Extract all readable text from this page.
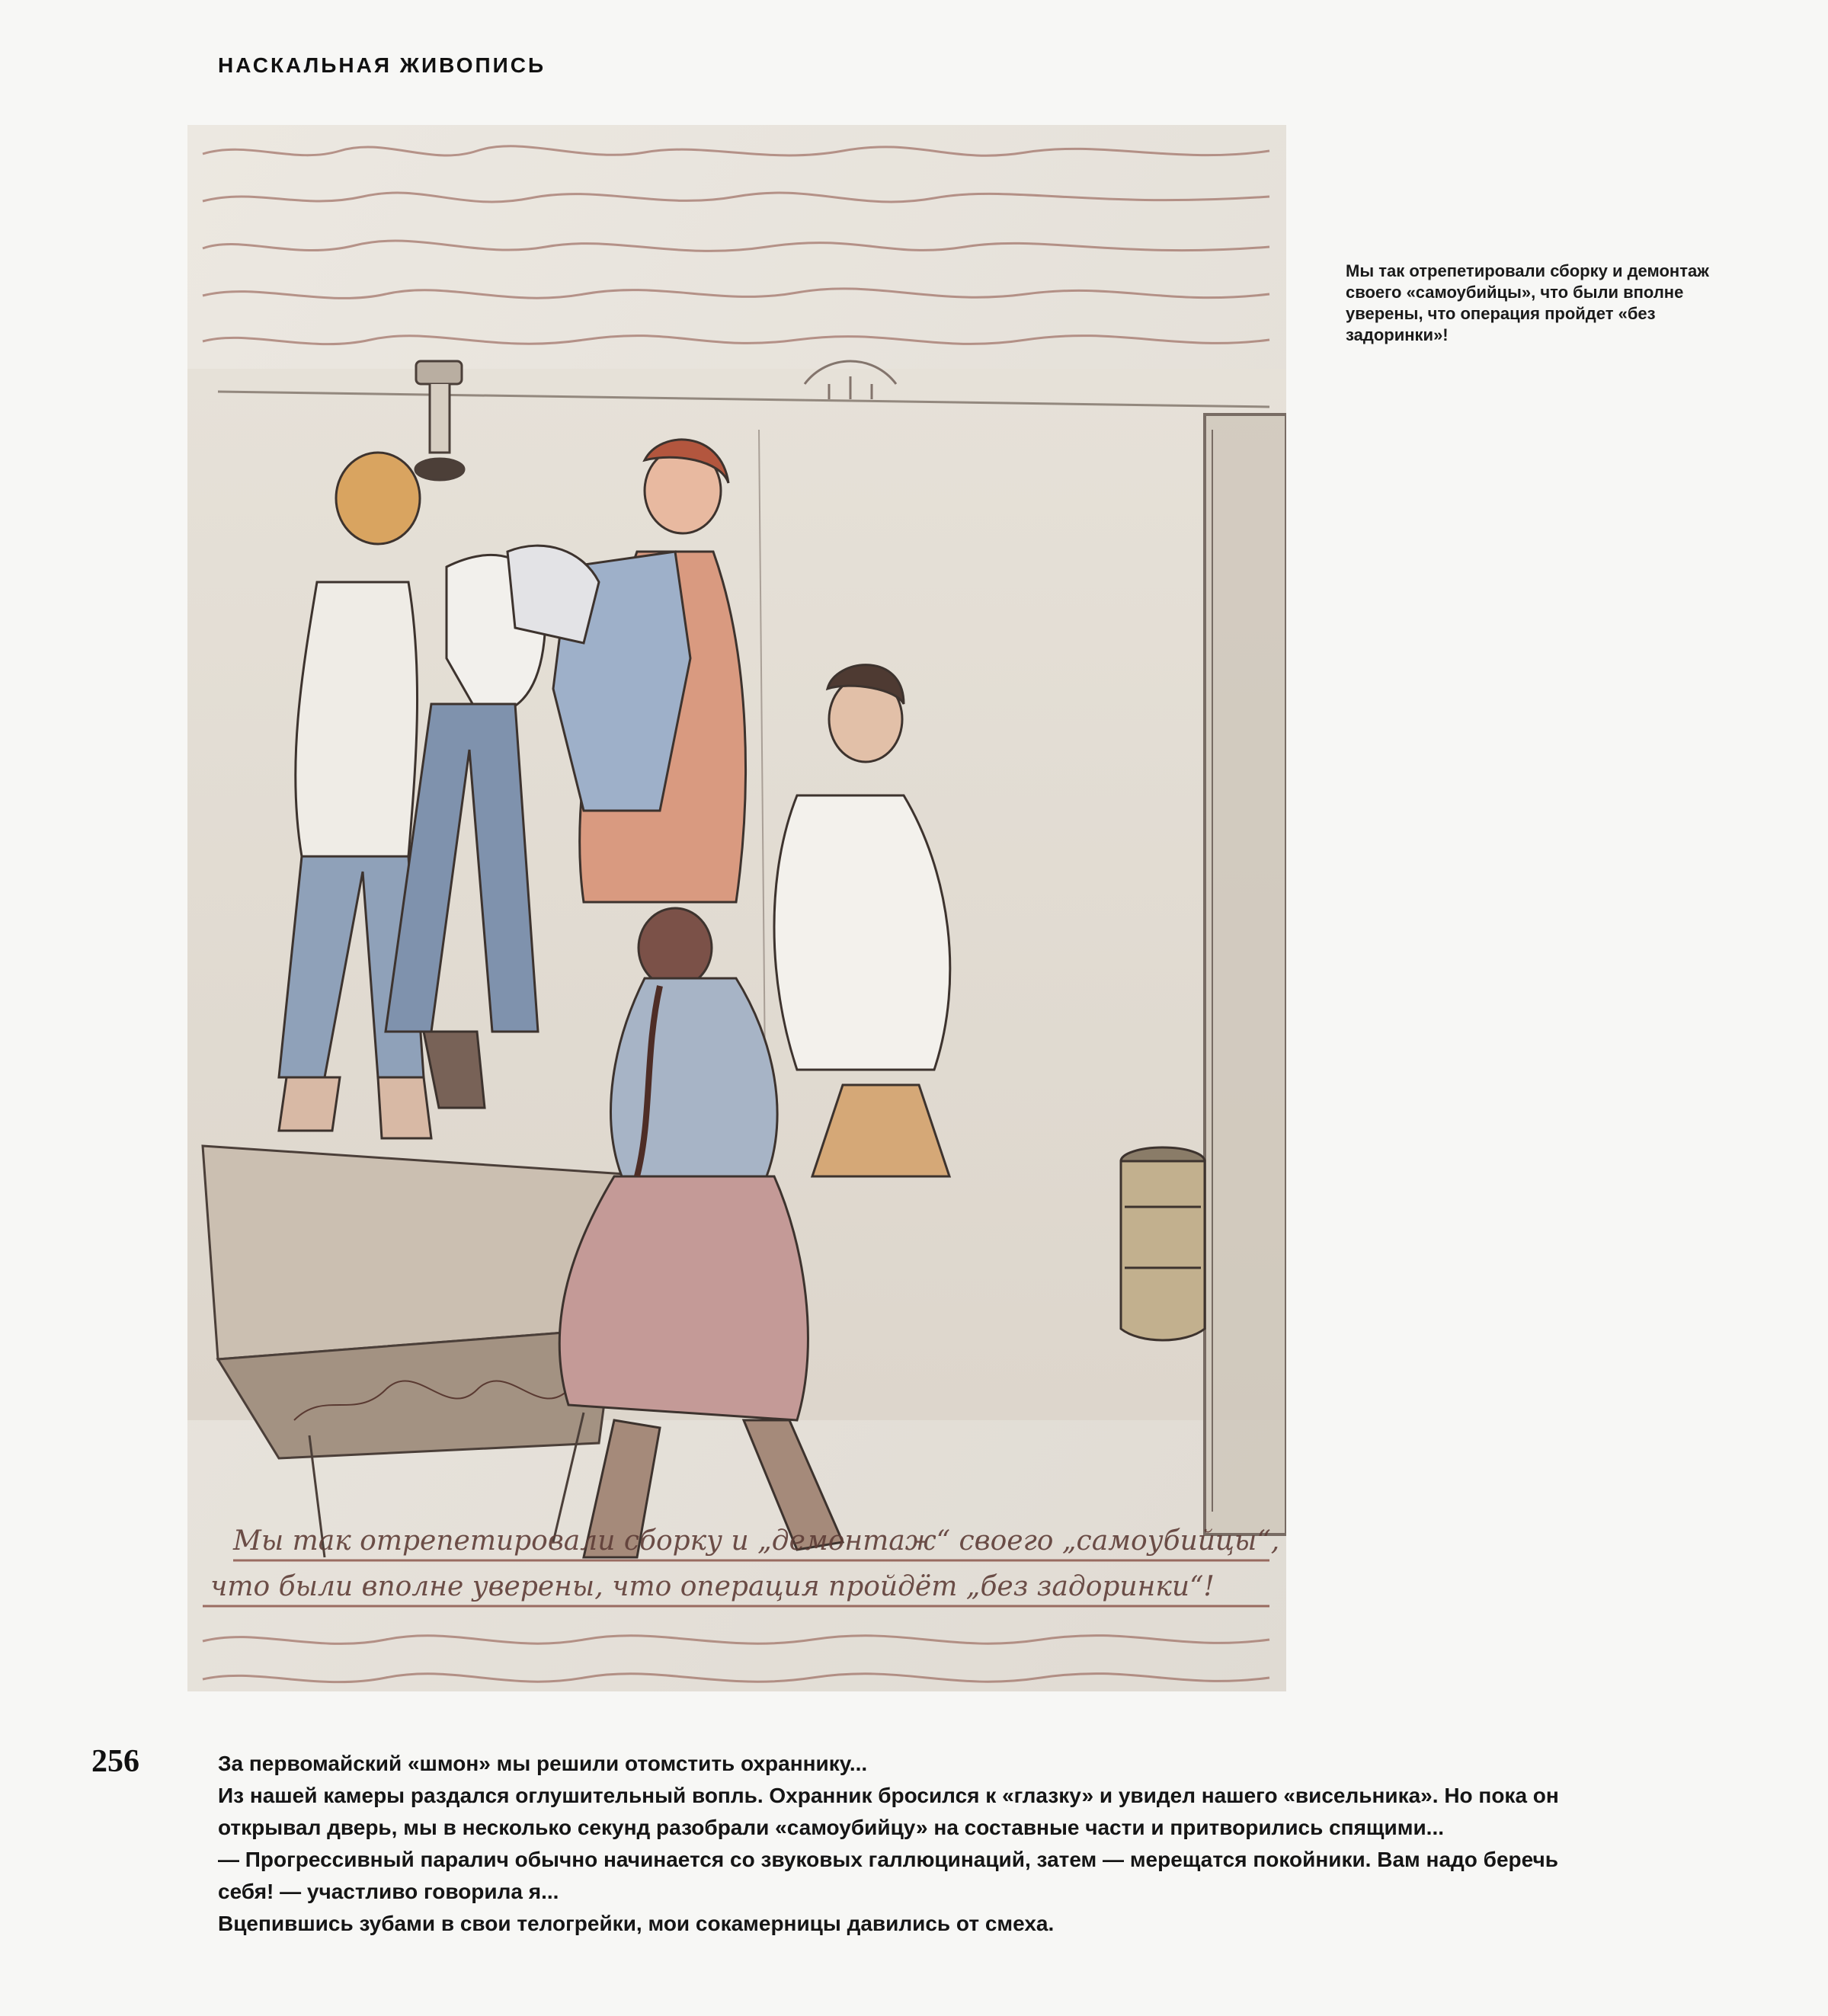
НАСКАЛЬНАЯ ЖИВОПИСЬ
Мы так отрепетировали сборку и „демонтаж“ своего „самоубийцы“,
что были вполне уверены, что операция пройдёт „без задоринки“!
Мы так отрепетировали сборку и демонтаж своего «самоубийцы», что были вполне уверены, что операция пройдет «без задоринки»!
256	За первомайский «шмон» мы решили отомстить охраннику...

Из нашей камеры раздался оглушительный вопль. Охранник бросился к «глазку» и увидел нашего «висельника». Но пока он открывал дверь, мы в несколько секунд разобрали «самоубийцу» на составные части и притворились спящими...

— Прогрессивный паралич обычно начинается со звуковых галлюцинаций, затем — мерещатся покойники. Вам надо беречь себя! — участливо говорила я...

Вцепившись зубами в свои телогрейки, мои сокамерницы давились от смеха.
